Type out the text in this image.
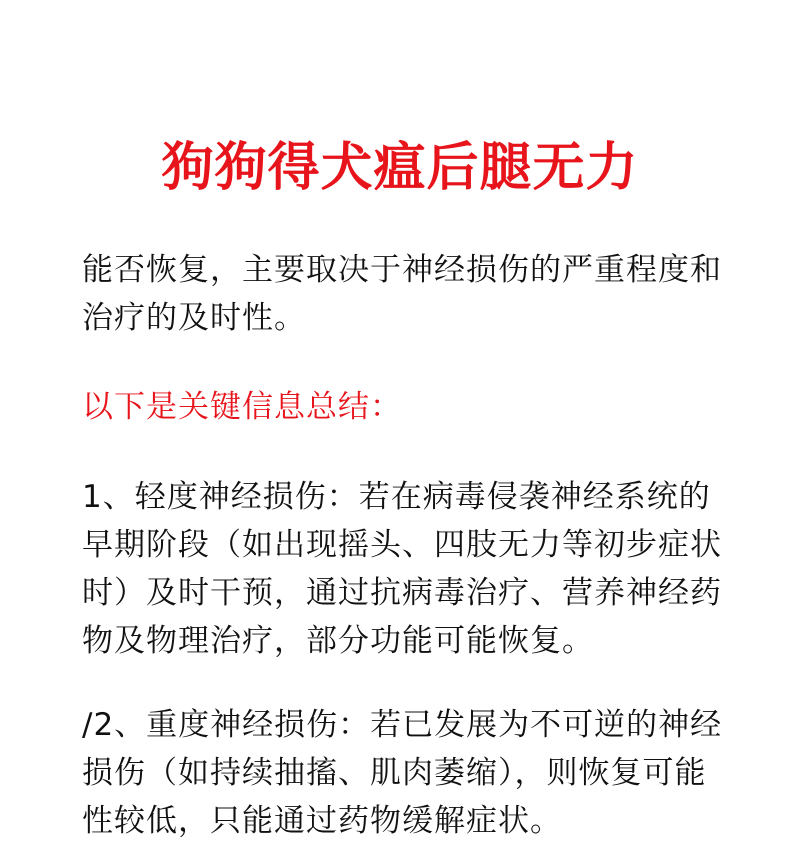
狗狗得犬瘟后腿无力

能否恢复，主要取决于神经损伤的严重程度和治疗的及时性。

以下是关键信息总结：

1、轻度神经损伤：若在病毒侵袭神经系统的早期阶段（如出现摇头、四肢无力等初步症状时）及时干预，通过抗病毒治疗、营养神经药物及物理治疗，部分功能可能恢复。

/2、重度神经损伤：若已发展为不可逆的神经损伤（如持续抽搐、肌肉萎缩），则恢复可能性较低，只能通过药物缓解症状。
